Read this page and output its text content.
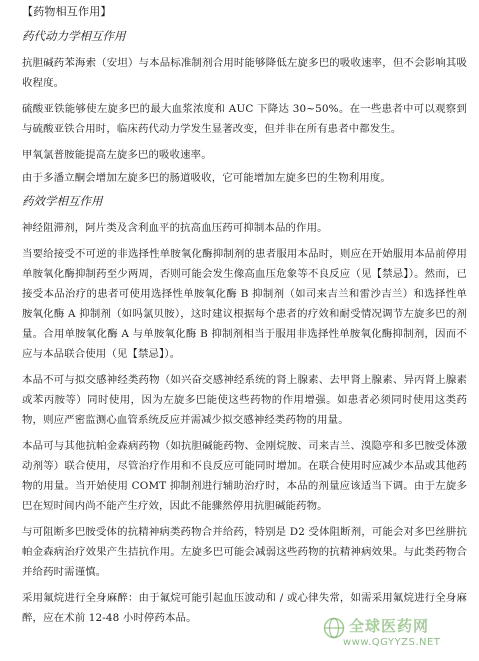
【药物相互作用】
药代动力学相互作用

抗胆碱药苯海索（安坦）与本品标准制剂合用时能够降低左旋多巴的吸收速率，但不会影响其吸收程度。

硫酸亚铁能够使左旋多巴的最大血浆浓度和 AUC 下降达 30~50%。在一些患者中可以观察到与硫酸亚铁合用时，临床药代动力学发生显著改变，但并非在所有患者中都发生。

甲氧氯普胺能提高左旋多巴的吸收速率。

由于多潘立酮会增加左旋多巴的肠道吸收，它可能增加左旋多巴的生物利用度。

药效学相互作用

神经阻滞剂，阿片类及含利血平的抗高血压药可抑制本品的作用。

当要给接受不可逆的非选择性单胺氧化酶抑制剂的患者服用本品时，则应在开始服用本品前停用单胺氧化酶抑制药至少两周，否则可能会发生像高血压危象等不良反应（见【禁忌】）。然而，已接受本品治疗的患者可使用选择性单胺氧化酶 B 抑制剂（如司来吉兰和雷沙吉兰）和选择性单胺氧化酶 A 抑制剂（如吗氯贝胺），这时建议根据每个患者的疗效和耐受情况调节左旋多巴的剂量。合用单胺氧化酶 A 与单胺氧化酶 B 抑制剂相当于服用非选择性单胺氧化酶抑制剂，因而不应与本品联合使用（见【禁忌】）。

本品不可与拟交感神经类药物（如兴奋交感神经系统的肾上腺素、去甲肾上腺素、异丙肾上腺素或苯丙胺等）同时使用，因为左旋多巴能使这些药物的作用增强。如患者必须同时使用这类药物，则应严密监测心血管系统反应并需减少拟交感神经类药物的用量。

本品可与其他抗帕金森病药物（如抗胆碱能药物、金刚烷胺、司来吉兰、溴隐亭和多巴胺受体激动剂等）联合使用，尽管治疗作用和不良反应可能同时增加。在联合使用时应减少本品或其他药物的用量。当开始使用 COMT 抑制剂进行辅助治疗时，本品的剂量应该适当下调。由于左旋多巴在短时间内尚不能产生疗效，因此不能骤然停用抗胆碱能药物。

与可阻断多巴胺受体的抗精神病类药物合并给药，特别是 D2 受体阻断剂，可能会对多巴丝肼抗帕金森病治疗效果产生拮抗作用。左旋多巴可能会减弱这些药物的抗精神病效果。与此类药物合并给药时需谨慎。

采用氟烷进行全身麻醉：由于氟烷可能引起血压波动和 / 或心律失常，如需采用氟烷进行全身麻醉，应在术前 12-48 小时停药本品。	全球医药网
www.QGYYZS.NET
